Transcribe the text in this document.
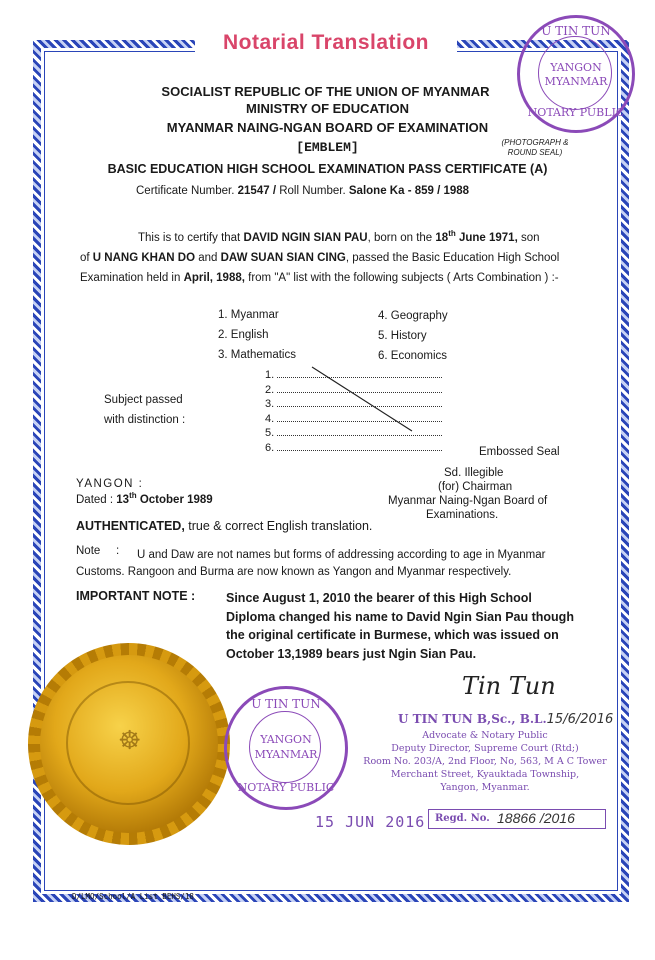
Notarial Translation	U TIN TUN
YANGON
MYANMAR
NOTARY PUBLIC
SOCIALIST REPUBLIC OF THE UNION OF MYANMAR
MINISTRY OF EDUCATION
MYANMAR NAING-NGAN BOARD OF EXAMINATION
[EMBLEM]	(PHOTOGRAPH & ROUND SEAL)
BASIC EDUCATION HIGH SCHOOL EXAMINATION PASS CERTIFICATE (A)
Certificate Number. 21547 / Roll Number. Salone Ka - 859 / 1988
This is to certify that DAVID NGIN SIAN PAU, born on the 18th June 1971, son
of U NANG KHAN DO and DAW SUAN SIAN CING, passed the Basic Education High School
Examination held in April, 1988, from "A" list with the following subjects ( Arts Combination ) :-
1. Myanmar
2. English
3. Mathematics
4. Geography
5. History
6. Economics
Subject passed
with distinction :
1.
2.
3.
4.
5.
6.	Embossed Seal
YANGON :
Dated : 13th October 1989
Sd. Illegible
(for) Chairman
Myanmar Naing-Ngan Board of
Examinations.
AUTHENTICATED, true & correct English translation.
Note : U and Daw are not names but forms of addressing according to age in Myanmar
Customs. Rangoon and Burma are now known as Yangon and Myanmar respectively.
IMPORTANT NOTE : Since August 1, 2010 the bearer of this High School
Diploma changed his name to David Ngin Sian Pau though
the original certificate in Burmese, which was issued on
October 13,1989 bears just Ngin Sian Pau.
☸
U TIN TUN
YANGON
MYANMAR
NOTARY PUBLIC
Tin Tun
U TIN TUN B,Sc., B.L.15/6/2016
Advocate & Notary Public
Deputy Director, Supreme Court (Rtd;)
Room No. 203/A, 2nd Floor, No, 563, M A C Tower
Merchant Street, Kyauktada Township,
Yangon, Myanmar.
15 JUN 2016 Regd. No. 18866 /2016
D/LMO/School/A List BEHS/18
